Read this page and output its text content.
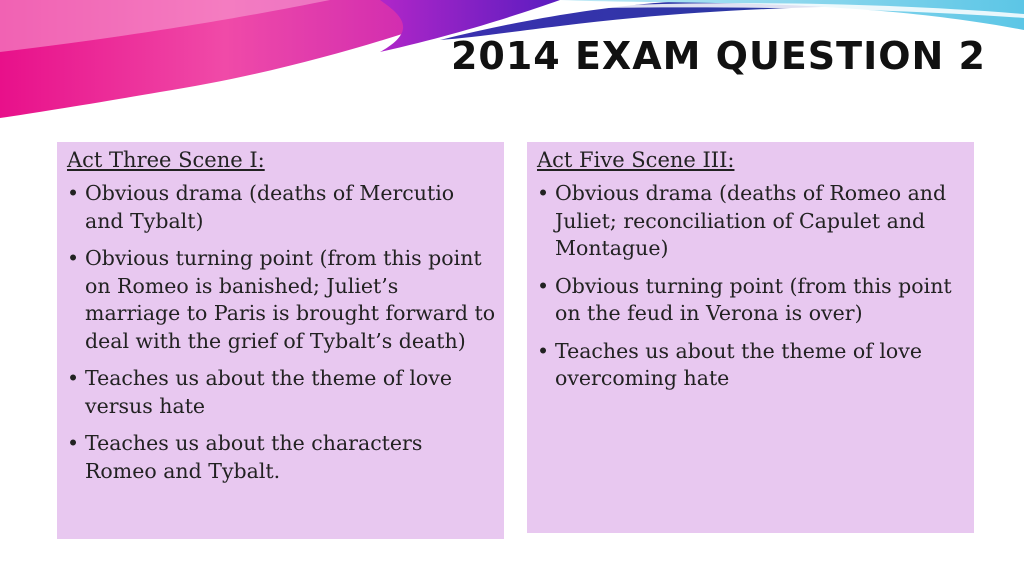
2014 EXAM QUESTION 2
Act Three Scene I:
• Obvious drama (deaths of Mercutio and Tybalt)
• Obvious turning point (from this point on Romeo is banished; Juliet’s marriage to Paris is brought forward to deal with the grief of Tybalt’s death)
• Teaches us about the theme of love versus hate
• Teaches us about the characters Romeo and Tybalt.
Act Five Scene III:
• Obvious drama (deaths of Romeo and Juliet; reconciliation of Capulet and Montague)
• Obvious turning point (from this point on the feud in Verona is over)
• Teaches us about the theme of love overcoming hate
